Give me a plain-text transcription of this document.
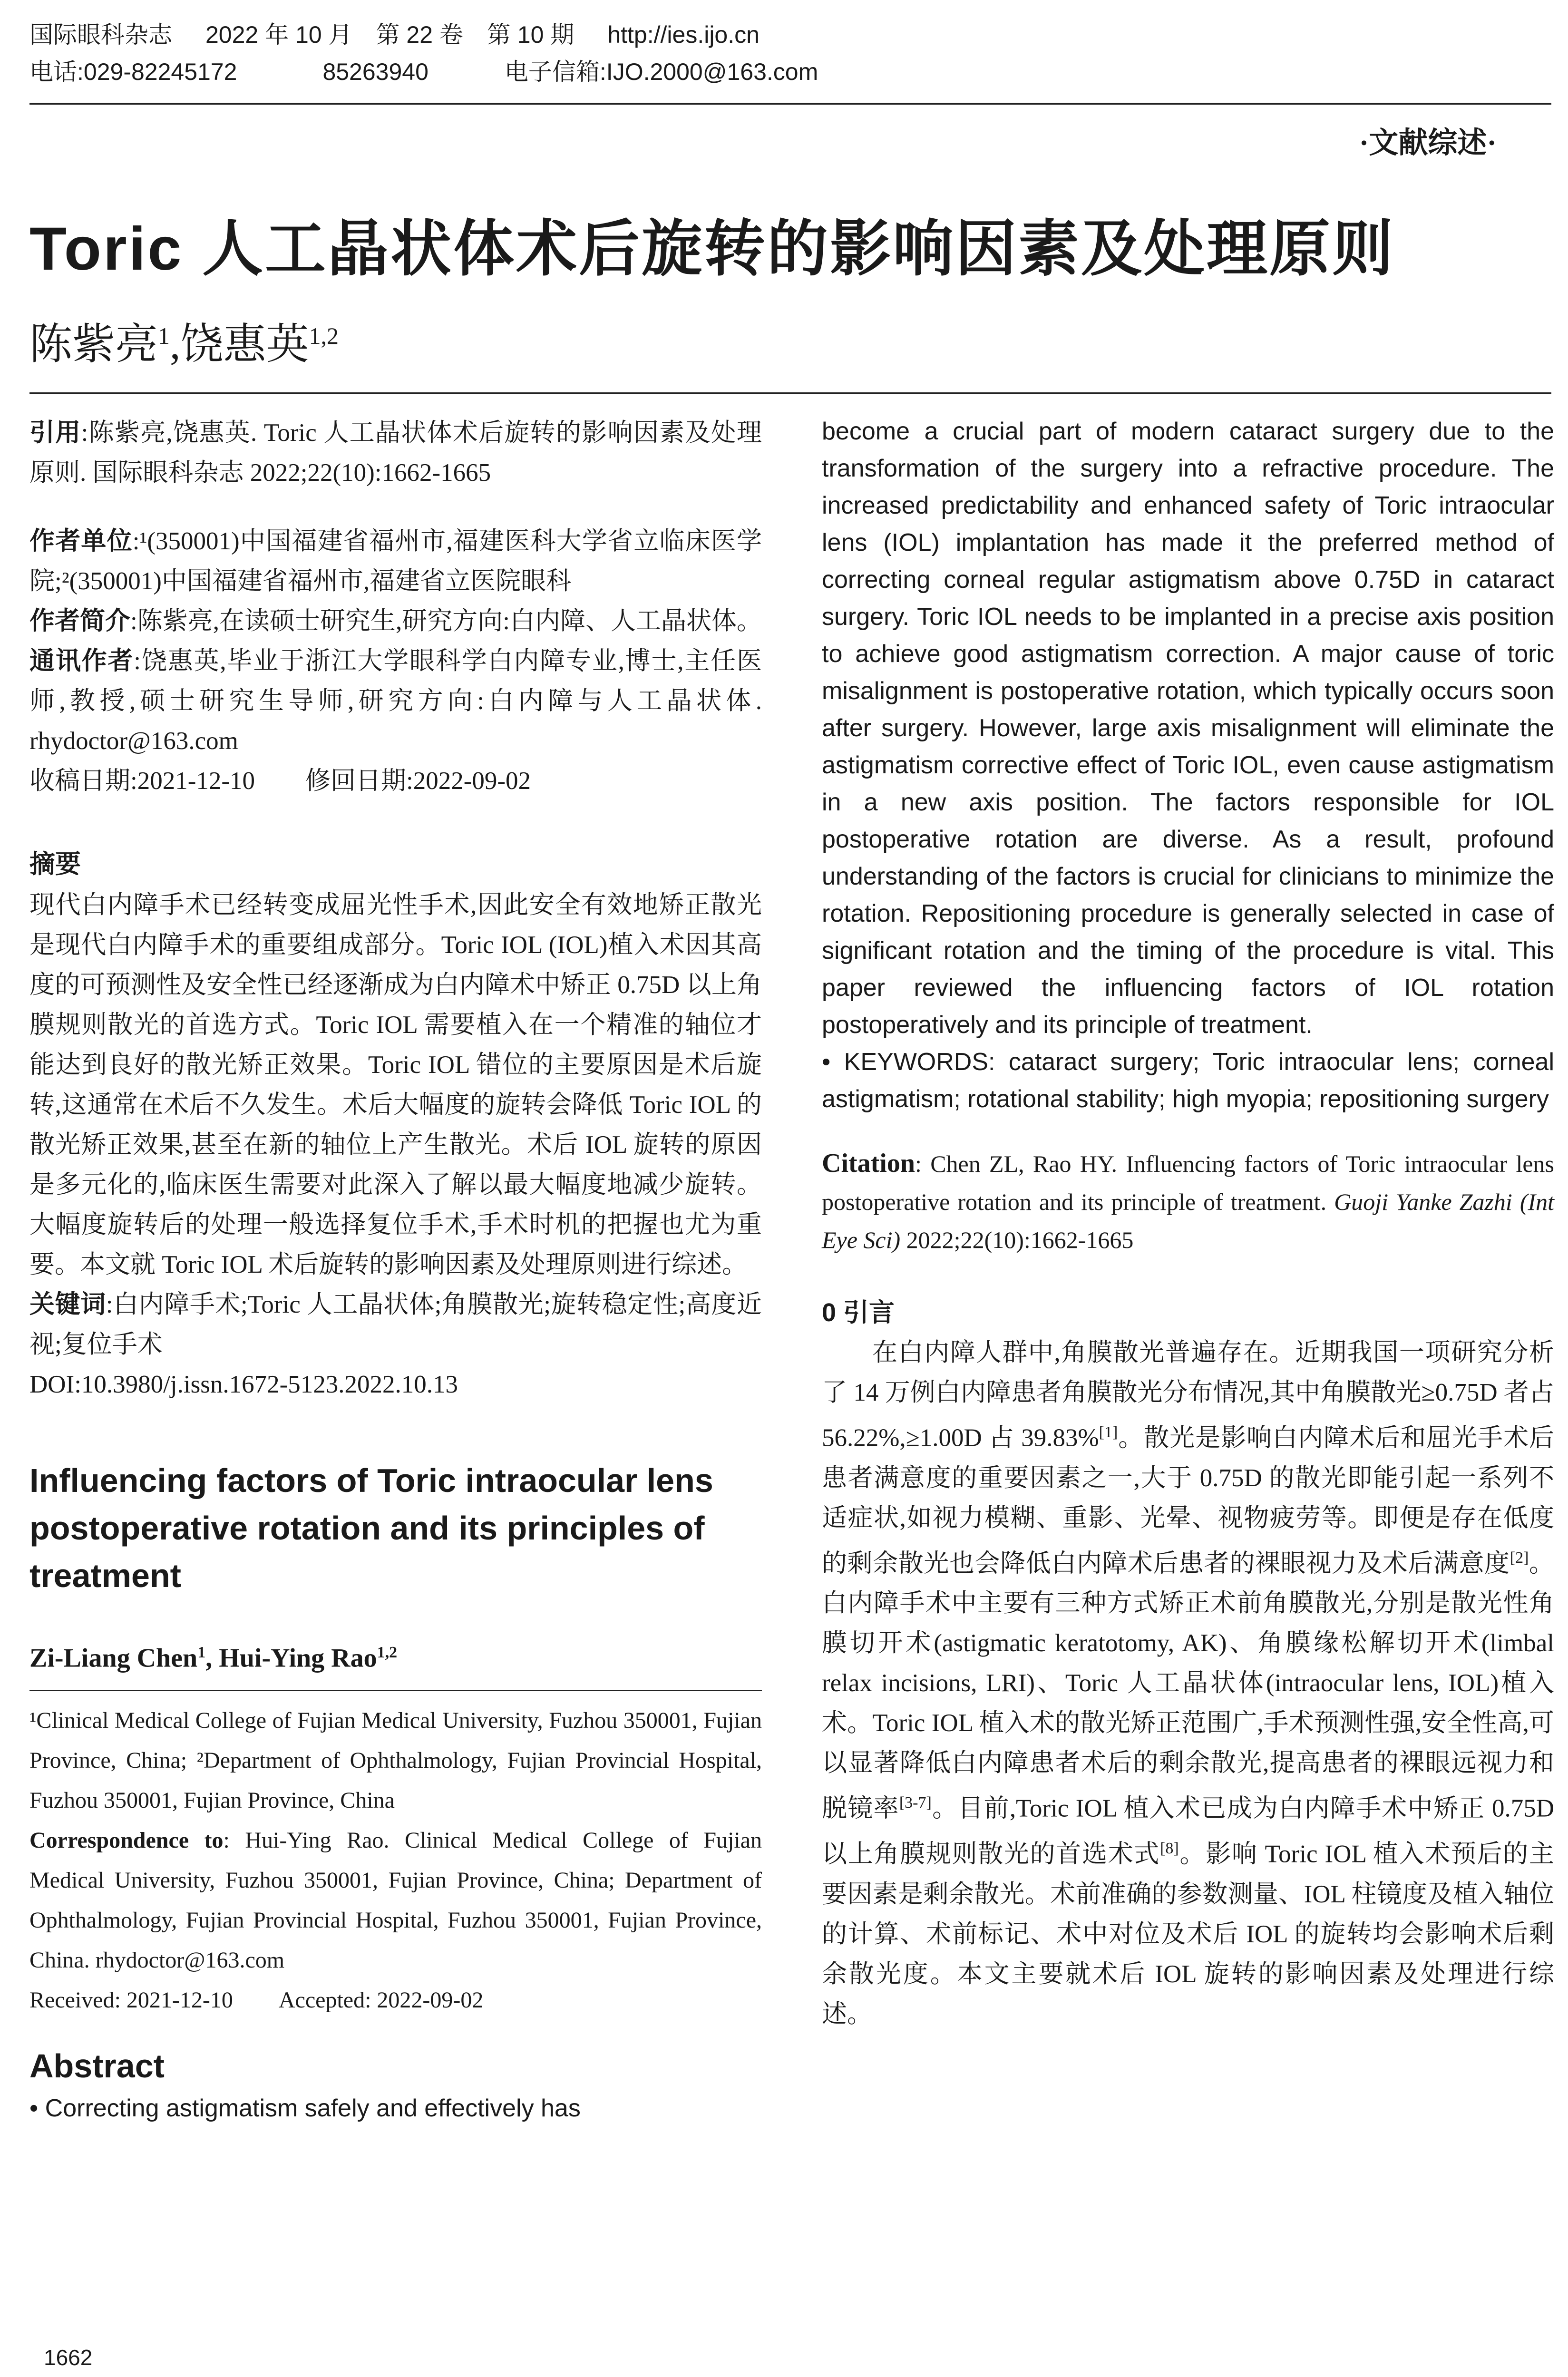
国际眼科杂志 2022 年 10 月　第 22 卷　第 10 期 http://ies.ijo.cn
电话:029-82245172	85263940	电子信箱:IJO.2000@163.com
·文献综述·
Toric 人工晶状体术后旋转的影响因素及处理原则
陈紫亮$^1$,饶惠英$^{1,2}$

引用:陈紫亮,饶惠英. Toric 人工晶状体术后旋转的影响因素及处理原则. 国际眼科杂志 2022;22(10):1662-1665

作者单位:¹(350001)中国福建省福州市,福建医科大学省立临床医学院;²(350001)中国福建省福州市,福建省立医院眼科

作者简介:陈紫亮,在读硕士研究生,研究方向:白内障、人工晶状体。

通讯作者:饶惠英,毕业于浙江大学眼科学白内障专业,博士,主任医师,教授,硕士研究生导师,研究方向:白内障与人工晶状体. rhydoctor@163.com

收稿日期:2021-12-10　　修回日期:2022-09-02

摘要

现代白内障手术已经转变成屈光性手术,因此安全有效地矫正散光是现代白内障手术的重要组成部分。Toric IOL (IOL)植入术因其高度的可预测性及安全性已经逐渐成为白内障术中矫正 0.75D 以上角膜规则散光的首选方式。Toric IOL 需要植入在一个精准的轴位才能达到良好的散光矫正效果。Toric IOL 错位的主要原因是术后旋转,这通常在术后不久发生。术后大幅度的旋转会降低 Toric IOL 的散光矫正效果,甚至在新的轴位上产生散光。术后 IOL 旋转的原因是多元化的,临床医生需要对此深入了解以最大幅度地减少旋转。大幅度旋转后的处理一般选择复位手术,手术时机的把握也尤为重要。本文就 Toric IOL 术后旋转的影响因素及处理原则进行综述。

关键词:白内障手术;Toric 人工晶状体;角膜散光;旋转稳定性;高度近视;复位手术

DOI:10.3980/j.issn.1672-5123.2022.10.13

Influencing factors of Toric intraocular lens postoperative rotation and its principles of treatment

Zi-Liang Chen$^1$, Hui-Ying Rao$^{1,2}$

¹Clinical Medical College of Fujian Medical University, Fuzhou 350001, Fujian Province, China; ²Department of Ophthalmology, Fujian Provincial Hospital, Fuzhou 350001, Fujian Province, China

Correspondence to: Hui-Ying Rao. Clinical Medical College of Fujian Medical University, Fuzhou 350001, Fujian Province, China; Department of Ophthalmology, Fujian Provincial Hospital, Fuzhou 350001, Fujian Province, China. rhydoctor@163.com

Received: 2021-12-10　　Accepted: 2022-09-02

Abstract

• Correcting astigmatism safely and effectively has

become a crucial part of modern cataract surgery due to the transformation of the surgery into a refractive procedure. The increased predictability and enhanced safety of Toric intraocular lens (IOL) implantation has made it the preferred method of correcting corneal regular astigmatism above 0.75D in cataract surgery. Toric IOL needs to be implanted in a precise axis position to achieve good astigmatism correction. A major cause of toric misalignment is postoperative rotation, which typically occurs soon after surgery. However, large axis misalignment will eliminate the astigmatism corrective effect of Toric IOL, even cause astigmatism in a new axis position. The factors responsible for IOL postoperative rotation are diverse. As a result, profound understanding of the factors is crucial for clinicians to minimize the rotation. Repositioning procedure is generally selected in case of significant rotation and the timing of the procedure is vital. This paper reviewed the influencing factors of IOL rotation postoperatively and its principle of treatment.

• KEYWORDS: cataract surgery; Toric intraocular lens; corneal astigmatism; rotational stability; high myopia; repositioning surgery

Citation: Chen ZL, Rao HY. Influencing factors of Toric intraocular lens postoperative rotation and its principle of treatment. Guoji Yanke Zazhi (Int Eye Sci) 2022;22(10):1662-1665

0 引言

在白内障人群中,角膜散光普遍存在。近期我国一项研究分析了 14 万例白内障患者角膜散光分布情况,其中角膜散光≥0.75D 者占 56.22%,≥1.00D 占 39.83%[1]。散光是影响白内障术后和屈光手术后患者满意度的重要因素之一,大于 0.75D 的散光即能引起一系列不适症状,如视力模糊、重影、光晕、视物疲劳等。即便是存在低度的剩余散光也会降低白内障术后患者的裸眼视力及术后满意度[2]。白内障手术中主要有三种方式矫正术前角膜散光,分别是散光性角膜切开术(astigmatic keratotomy, AK)、角膜缘松解切开术(limbal relax incisions, LRI)、Toric 人工晶状体(intraocular lens, IOL)植入术。Toric IOL 植入术的散光矫正范围广,手术预测性强,安全性高,可以显著降低白内障患者术后的剩余散光,提高患者的裸眼远视力和脱镜率[3-7]。目前,Toric IOL 植入术已成为白内障手术中矫正 0.75D 以上角膜规则散光的首选术式[8]。影响 Toric IOL 植入术预后的主要因素是剩余散光。术前准确的参数测量、IOL 柱镜度及植入轴位的计算、术前标记、术中对位及术后 IOL 的旋转均会影响术后剩余散光度。本文主要就术后 IOL 旋转的影响因素及处理进行综述。

1662
